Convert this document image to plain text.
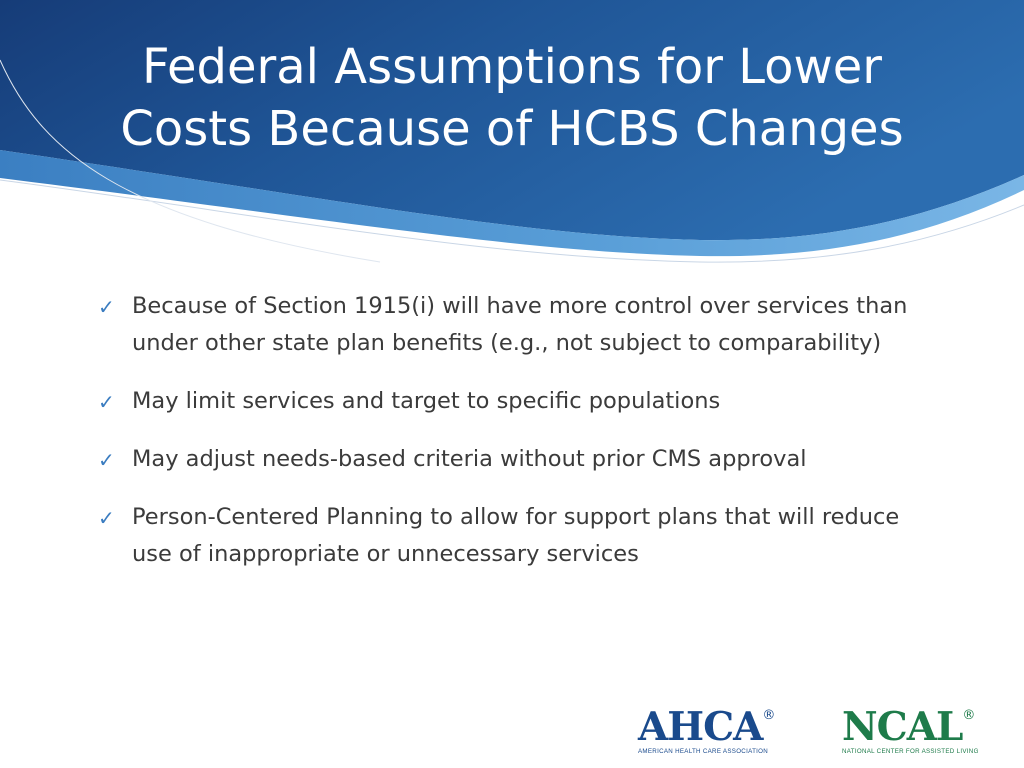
Federal Assumptions for Lower
Costs Because of HCBS Changes
✓ Because of Section 1915(i) will have more control over services than under other state plan benefits (e.g., not subject to comparability)
✓ May limit services and target to specific populations
✓ May adjust needs-based criteria without prior CMS approval
✓ Person-Centered Planning to allow for support plans that will reduce use of inappropriate or unnecessary services
AHCA®
AMERICAN HEALTH CARE ASSOCIATION
NCAL®
NATIONAL CENTER FOR ASSISTED LIVING
